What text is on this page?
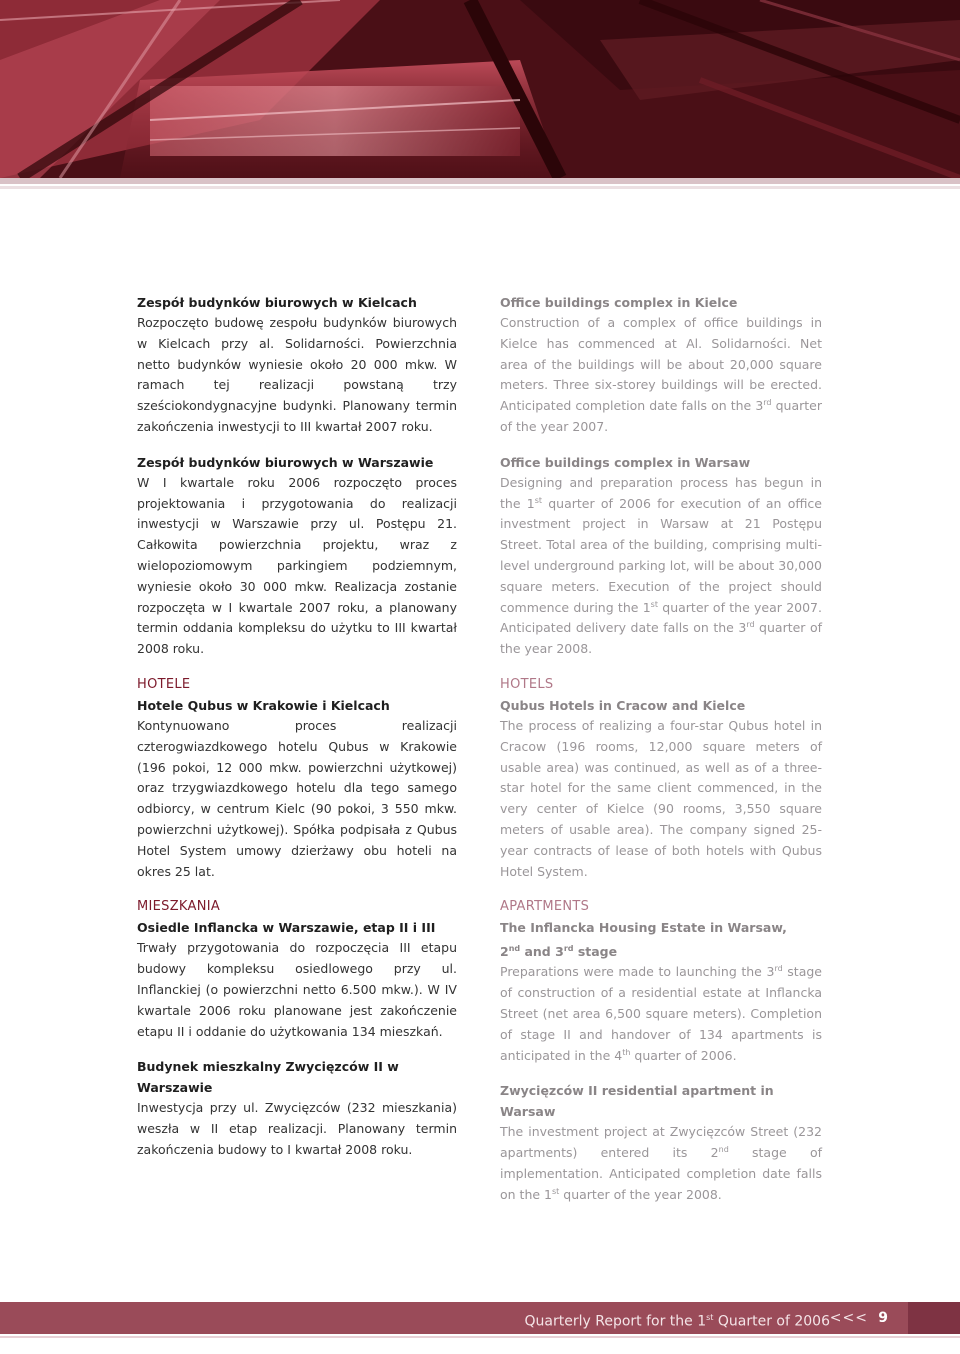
Zespół budynków biurowych w Kielcach

Rozpoczęto budowę zespołu budynków biurowych w Kielcach przy al. Solidarności. Powierzchnia netto budynków wyniesie około 20 000 mkw. W ramach tej realizacji powstaną trzy sześciokondygnacyjne budynki. Planowany termin zakończenia inwestycji to III kwartał 2007 roku.

Zespół budynków biurowych w Warszawie

W I kwartale roku 2006 rozpoczęto proces projektowania i przygotowania do realizacji inwestycji w Warszawie przy ul. Postępu 21. Całkowita powierzchnia projektu, wraz z wielopoziomowym parkingiem podziemnym, wyniesie około 30 000 mkw. Realizacja zostanie rozpoczęta w I kwartale 2007 roku, a planowany termin oddania kompleksu do użytku to III kwartał 2008 roku.

HOTELE

Hotele Qubus w Krakowie i Kielcach

Kontynuowano proces realizacji czterogwiazdkowego hotelu Qubus w Krakowie (196 pokoi, 12 000 mkw. powierzchni użytkowej) oraz trzygwiazdkowego hotelu dla tego samego odbiorcy, w centrum Kielc (90 pokoi, 3 550 mkw. powierzchni użytkowej). Spółka podpisała z Qubus Hotel System umowy dzierżawy obu hoteli na okres 25 lat.

MIESZKANIA

Osiedle Inflancka w Warszawie, etap II i III

Trwały przygotowania do rozpoczęcia III etapu budowy kompleksu osiedlowego przy ul. Inflanckiej (o powierzchni netto 6.500 mkw.). W IV kwartale 2006 roku planowane jest zakończenie etapu II i oddanie do użytkowania 134 mieszkań.

Budynek mieszkalny Zwycięzców II w Warszawie

Inwestycja przy ul. Zwycięzców (232 mieszkania) weszła w II etap realizacji. Planowany termin zakończenia budowy to I kwartał 2008 roku.

Office buildings complex in Kielce

Construction of a complex of office buildings in Kielce has commenced at Al. Solidarności. Net area of the buildings will be about 20,000 square meters. Three six-storey buildings will be erected. Anticipated completion date falls on the 3rd quarter of the year 2007.

Office buildings complex in Warsaw

Designing and preparation process has begun in the 1st quarter of 2006 for execution of an office investment project in Warsaw at 21 Postępu Street. Total area of the building, comprising multi-level underground parking lot, will be about 30,000 square meters. Execution of the project should commence during the 1st quarter of the year 2007. Anticipated delivery date falls on the 3rd quarter of the year 2008.

HOTELS

Qubus Hotels in Cracow and Kielce

The process of realizing a four-star Qubus hotel in Cracow (196 rooms, 12,000 square meters of usable area) was continued, as well as of a three-star hotel for the same client commenced, in the very center of Kielce (90 rooms, 3,550 square meters of usable area). The company signed 25-year contracts of lease of both hotels with Qubus Hotel System.

APARTMENTS

The Inflancka Housing Estate in Warsaw,
2nd and 3rd stage

Preparations were made to launching the 3rd stage of construction of a residential estate at Inflancka Street (net area 6,500 square meters). Completion of stage II and handover of 134 apartments is anticipated in the 4th quarter of 2006.

Zwycięzców II residential apartment in Warsaw

The investment project at Zwycięzców Street (232 apartments) entered its 2nd stage of implementation. Anticipated completion date falls on the 1st quarter of the year 2008.

Quarterly Report for the 1st Quarter of 2006 <<< 9
